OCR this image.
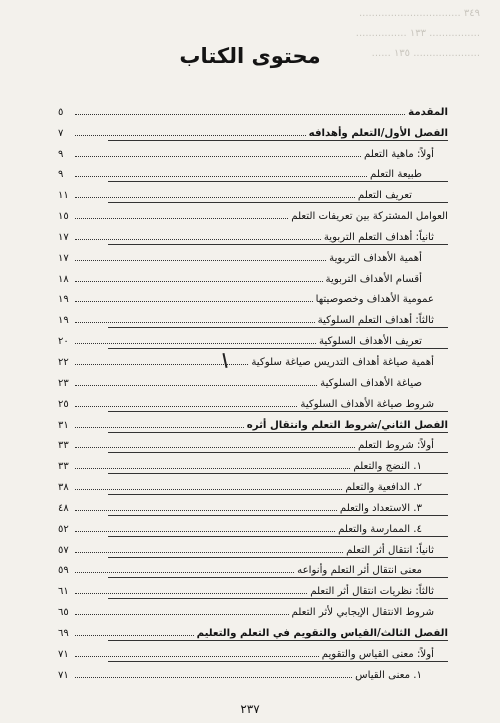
٣٤٩ ................................
................ ١٣٣ ................
..................... ١٣٥ ......
محتوى الكتاب
المقدمة
٥
الفصل الأول/التعلم وأهدافه
٧
أولاً: ماهية التعلم
٩
طبيعة التعلم
٩
تعريف التعلم
١١
العوامل المشتركة بين تعريفات التعلم
١٥
ثانياً: أهداف التعلم التربوية
١٧
أهمية الأهداف التربوية
١٧
أقسام الأهداف التربوية
١٨
عمومية الأهداف وخصوصيتها
١٩
ثالثاً: أهداف التعلم السلوكية
١٩
تعريف الأهداف السلوكية
٢٠
أهمية صياغة أهداف التدريس صياغة سلوكية
٢٢
صياغة الأهداف السلوكية
٢٣
شروط صياغة الأهداف السلوكية
٢٥
الفصل الثاني/شروط التعلم وانتقال أثره
٣١
أولاً: شروط التعلم
٣٣
١. النضج والتعلم
٣٣
٢. الدافعية والتعلم
٣٨
٣. الاستعداد والتعلم
٤٨
٤. الممارسة والتعلم
٥٢
ثانياً: انتقال أثر التعلم
٥٧
معنى انتقال أثر التعلم وأنواعه
٥٩
ثالثاً: نظريات انتقال أثر التعلم
٦١
شروط الانتقال الإيجابي لأثر التعلم
٦٥
الفصل الثالث/القياس والتقويم في التعلم والتعليم
٦٩
أولاً: معنى القياس والتقويم
٧١
١. معنى القياس
٧١
٢٣٧
